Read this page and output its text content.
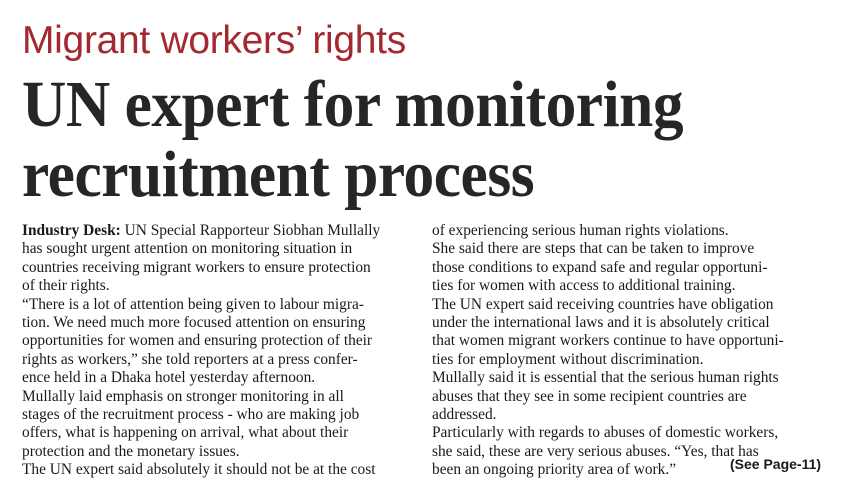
Migrant workers’ rights
UN expert for monitoring
recruitment process
Industry Desk: UN Special Rapporteur Siobhan Mullally
has sought urgent attention on monitoring situation in
countries receiving migrant workers to ensure protection
of their rights.
“There is a lot of attention being given to labour migra-
tion. We need much more focused attention on ensuring
opportunities for women and ensuring protection of their
rights as workers,” she told reporters at a press confer-
ence held in a Dhaka hotel yesterday afternoon.
Mullally laid emphasis on stronger monitoring in all
stages of the recruitment process - who are making job
offers, what is happening on arrival, what about their
protection and the monetary issues.
The UN expert said absolutely it should not be at the cost
of experiencing serious human rights violations.
She said there are steps that can be taken to improve
those conditions to expand safe and regular opportuni-
ties for women with access to additional training.
The UN expert said receiving countries have obligation
under the international laws and it is absolutely critical
that women migrant workers continue to have opportuni-
ties for employment without discrimination.
Mullally said it is essential that the serious human rights
abuses that they see in some recipient countries are
addressed.
Particularly with regards to abuses of domestic workers,
she said, these are very serious abuses. “Yes, that has
been an ongoing priority area of work.”	(See Page-11)
